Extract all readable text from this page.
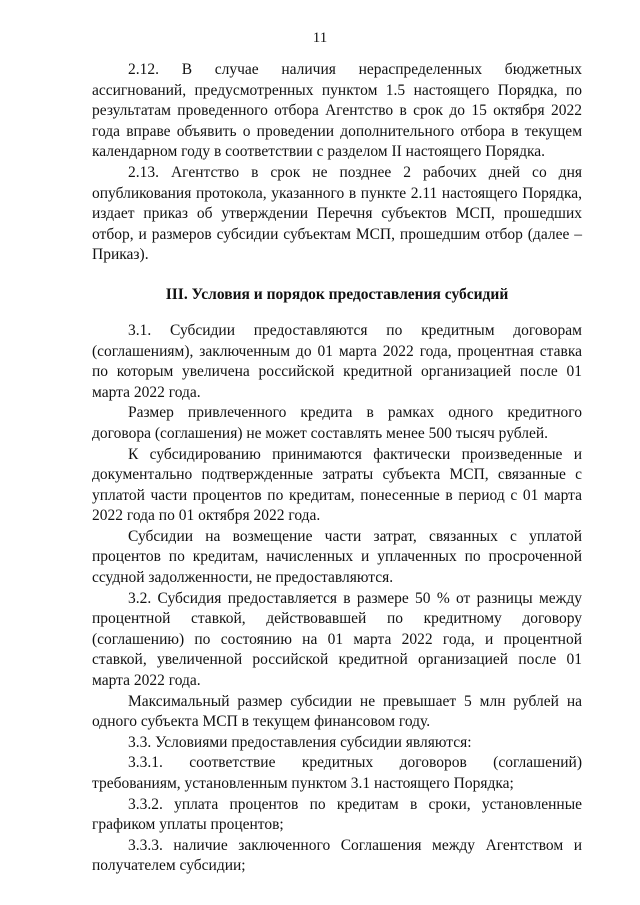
11

2.12. В случае наличия нераспределенных бюджетных ассигнований, предусмотренных пунктом 1.5 настоящего Порядка, по результатам проведенного отбора Агентство в срок до 15 октября 2022 года вправе объявить о проведении дополнительного отбора в текущем календарном году в соответствии с разделом II настоящего Порядка.

2.13. Агентство в срок не позднее 2 рабочих дней со дня опубликования протокола, указанного в пункте 2.11 настоящего Порядка, издает приказ об утверждении Перечня субъектов МСП, прошедших отбор, и размеров субсидии субъектам МСП, прошедшим отбор (далее – Приказ).

III. Условия и порядок предоставления субсидий

3.1. Субсидии предоставляются по кредитным договорам (соглашениям), заключенным до 01 марта 2022 года, процентная ставка по которым увеличена российской кредитной организацией после 01 марта 2022 года.

Размер привлеченного кредита в рамках одного кредитного договора (соглашения) не может составлять менее 500 тысяч рублей.

К субсидированию принимаются фактически произведенные и документально подтвержденные затраты субъекта МСП, связанные с уплатой части процентов по кредитам, понесенные в период с 01 марта 2022 года по 01 октября 2022 года.

Субсидии на возмещение части затрат, связанных с уплатой процентов по кредитам, начисленных и уплаченных по просроченной ссудной задолженности, не предоставляются.

3.2. Субсидия предоставляется в размере 50 % от разницы между процентной ставкой, действовавшей по кредитному договору (соглашению) по состоянию на 01 марта 2022 года, и процентной ставкой, увеличенной российской кредитной организацией после 01 марта 2022 года.

Максимальный размер субсидии не превышает 5 млн рублей на одного субъекта МСП в текущем финансовом году.

3.3. Условиями предоставления субсидии являются:

3.3.1. соответствие кредитных договоров (соглашений) требованиям, установленным пунктом 3.1 настоящего Порядка;

3.3.2. уплата процентов по кредитам в сроки, установленные графиком уплаты процентов;

3.3.3. наличие заключенного Соглашения между Агентством и получателем субсидии;
